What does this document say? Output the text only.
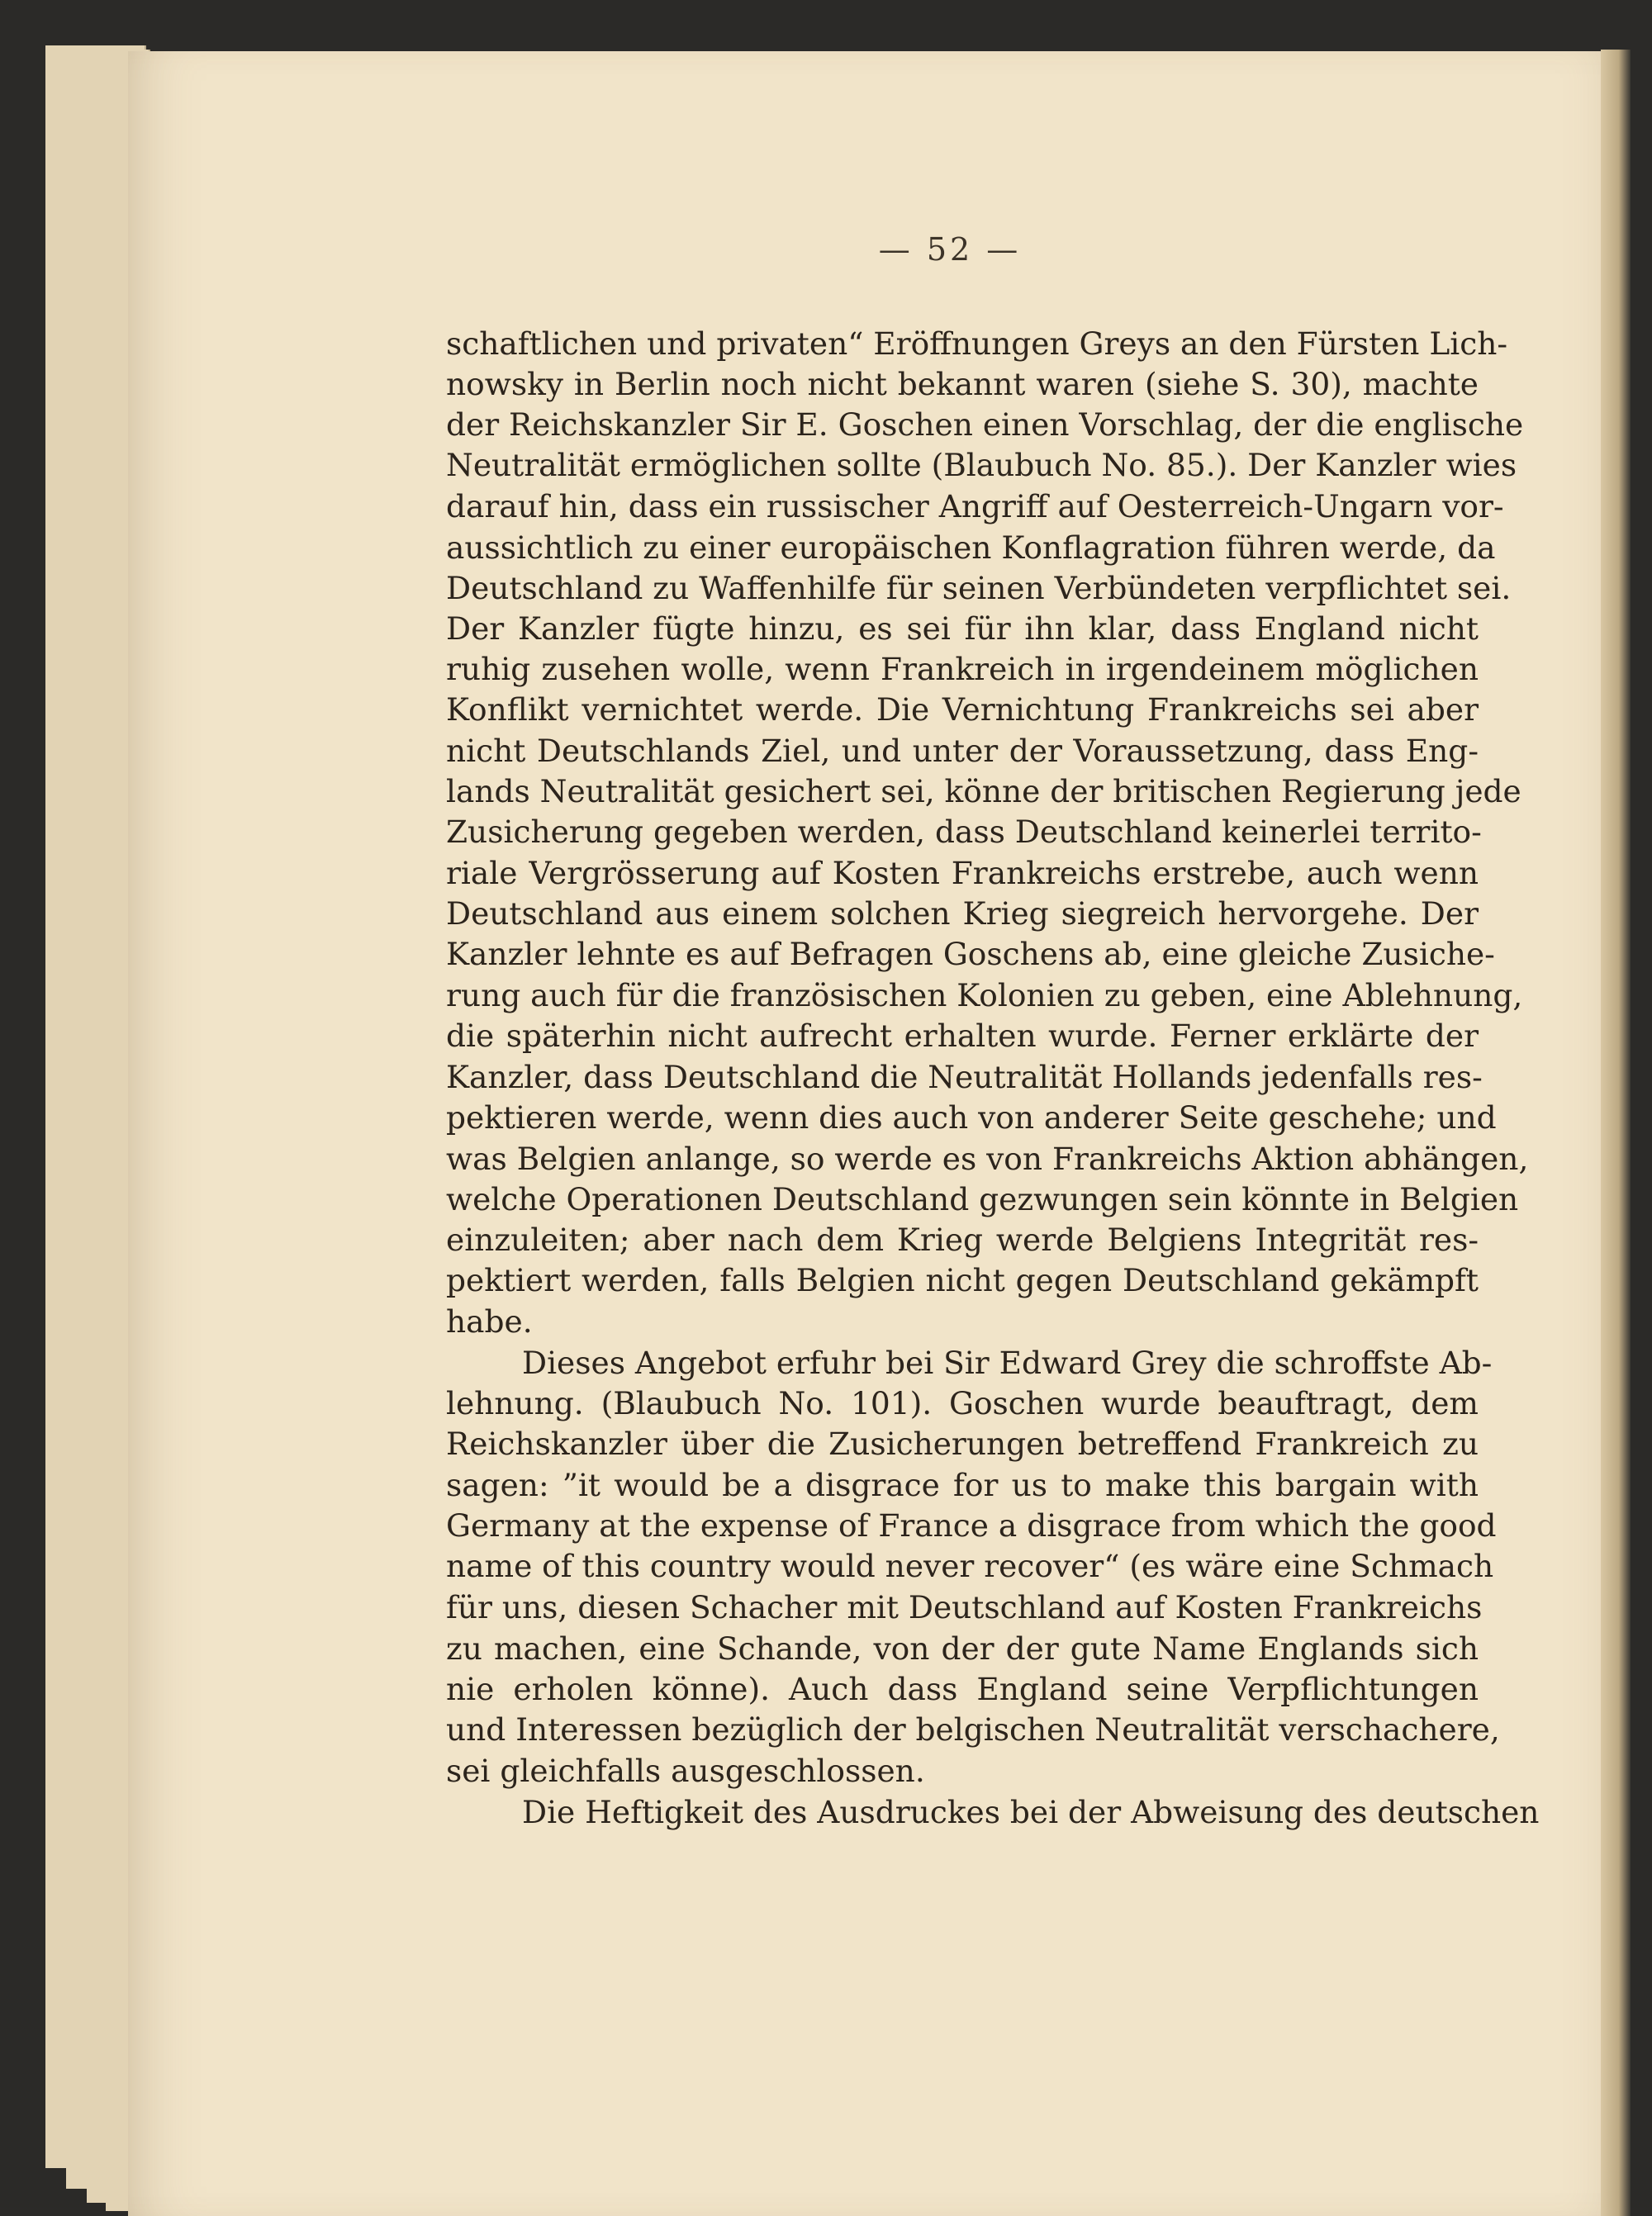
— 52 —
schaftlichen und privaten“ Eröffnungen Greys an den Fürsten Lich-
nowsky in Berlin noch nicht bekannt waren (siehe S. 30), machte
der Reichskanzler Sir E. Goschen einen Vorschlag, der die englische
Neutralität ermöglichen sollte (Blaubuch No. 85.). Der Kanzler wies
darauf hin, dass ein russischer Angriff auf Oesterreich-Ungarn vor-
aussichtlich zu einer europäischen Konflagration führen werde, da
Deutschland zu Waffenhilfe für seinen Verbündeten verpflichtet sei.
Der Kanzler fügte hinzu, es sei für ihn klar, dass England nicht
ruhig zusehen wolle, wenn Frankreich in irgendeinem möglichen
Konflikt vernichtet werde. Die Vernichtung Frankreichs sei aber
nicht Deutschlands Ziel, und unter der Voraussetzung, dass Eng-
lands Neutralität gesichert sei, könne der britischen Regierung jede
Zusicherung gegeben werden, dass Deutschland keinerlei territo-
riale Vergrösserung auf Kosten Frankreichs erstrebe, auch wenn
Deutschland aus einem solchen Krieg siegreich hervorgehe. Der
Kanzler lehnte es auf Befragen Goschens ab, eine gleiche Zusiche-
rung auch für die französischen Kolonien zu geben, eine Ablehnung,
die späterhin nicht aufrecht erhalten wurde. Ferner erklärte der
Kanzler, dass Deutschland die Neutralität Hollands jedenfalls res-
pektieren werde, wenn dies auch von anderer Seite geschehe; und
was Belgien anlange, so werde es von Frankreichs Aktion abhängen,
welche Operationen Deutschland gezwungen sein könnte in Belgien
einzuleiten; aber nach dem Krieg werde Belgiens Integrität res-
pektiert werden, falls Belgien nicht gegen Deutschland gekämpft
habe.
Dieses Angebot erfuhr bei Sir Edward Grey die schroffste Ab-
lehnung. (Blaubuch No. 101). Goschen wurde beauftragt, dem
Reichskanzler über die Zusicherungen betreffend Frankreich zu
sagen: ”it would be a disgrace for us to make this bargain with
Germany at the expense of France a disgrace from which the good
name of this country would never recover“ (es wäre eine Schmach
für uns, diesen Schacher mit Deutschland auf Kosten Frankreichs
zu machen, eine Schande, von der der gute Name Englands sich
nie erholen könne). Auch dass England seine Verpflichtungen
und Interessen bezüglich der belgischen Neutralität verschachere,
sei gleichfalls ausgeschlossen.
Die Heftigkeit des Ausdruckes bei der Abweisung des deutschen
